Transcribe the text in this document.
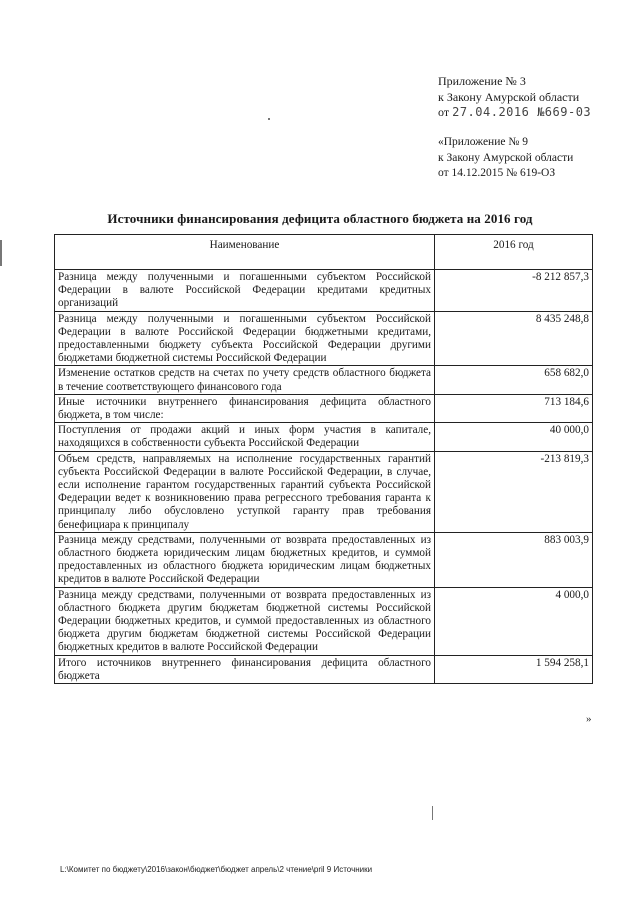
Приложение № 3
к Закону Амурской области
от 27.04.2016 №669-03
«Приложение № 9
к Закону Амурской области
от 14.12.2015 № 619-ОЗ
Источники финансирования дефицита областного бюджета на 2016 год
Наименование	2016 год
Разница между полученными и погашенными субъектом Российской Федерации в валюте Российской Федерации кредитами кредитных организаций	-8 212 857,3
Разница между полученными и погашенными субъектом Российской Федерации в валюте Российской Федерации бюджетными кредитами, предоставленными бюджету субъекта Российской Федерации другими бюджетами бюджетной системы Российской Федерации	8 435 248,8
Изменение остатков средств на счетах по учету средств областного бюджета в течение соответствующего финансового года	658 682,0
Иные источники внутреннего финансирования дефицита областного бюджета, в том числе:	713 184,6
Поступления от продажи акций и иных форм участия в капитале, находящихся в собственности субъекта Российской Федерации	40 000,0
Объем средств, направляемых на исполнение государственных гарантий субъекта Российской Федерации в валюте Российской Федерации, в случае, если исполнение гарантом государственных гарантий субъекта Российской Федерации ведет к возникновению права регрессного требования гаранта к принципалу либо обусловлено уступкой гаранту прав требования бенефициара к принципалу	-213 819,3
Разница между средствами, полученными от возврата предоставленных из областного бюджета юридическим лицам бюджетных кредитов, и суммой предоставленных из областного бюджета юридическим лицам бюджетных кредитов в валюте Российской Федерации	883 003,9
Разница между средствами, полученными от возврата предоставленных из областного бюджета другим бюджетам бюджетной системы Российской Федерации бюджетных кредитов, и суммой предоставленных из областного бюджета другим бюджетам бюджетной системы Российской Федерации бюджетных кредитов в валюте Российской Федерации	4 000,0
Итого источников внутреннего финансирования дефицита областного бюджета	1 594 258,1
»
L:\Комитет по бюджету\2016\закон\бюджет\бюджет апрель\2 чтение\pril 9 Источники
